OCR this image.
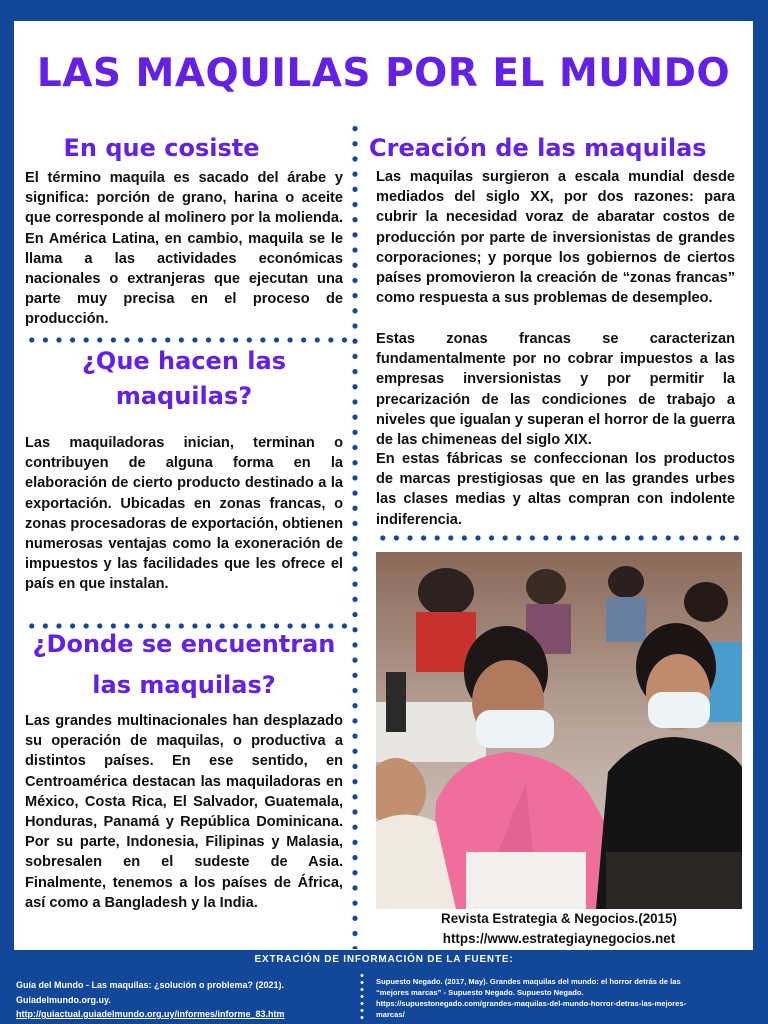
LAS MAQUILAS POR EL MUNDO
En que cosiste

El término maquila es sacado del árabe y significa: porción de grano, harina o aceite que corresponde al molinero por la molienda. En América Latina, en cambio, maquila se le llama a las actividades económicas nacionales o extranjeras que ejecutan una parte muy precisa en el proceso de producción.

¿Que hacen las
maquilas?

Las maquiladoras inician, terminan o contribuyen de alguna forma en la elaboración de cierto producto destinado a la exportación. Ubicadas en zonas francas, o zonas procesadoras de exportación, obtienen numerosas ventajas como la exoneración de impuestos y las facilidades que les ofrece el país en que instalan.

¿Donde se encuentran
las maquilas?

Las grandes multinacionales han desplazado su operación de maquilas, o productiva a distintos países. En ese sentido, en Centroamérica destacan las maquiladoras en México, Costa Rica, El Salvador, Guatemala, Honduras, Panamá y República Dominicana. Por su parte, Indonesia, Filipinas y Malasia, sobresalen en el sudeste de Asia. Finalmente, tenemos a los países de África, así como a Bangladesh y la India.

Creación de las maquilas

Las maquilas surgieron a escala mundial desde mediados del siglo XX, por dos razones: para cubrir la necesidad voraz de abaratar costos de producción por parte de inversionistas de grandes corporaciones; y porque los gobiernos de ciertos países promovieron la creación de “zonas francas” como respuesta a sus problemas de desempleo.

Estas zonas francas se caracterizan fundamentalmente por no cobrar impuestos a las empresas inversionistas y por permitir la precarización de las condiciones de trabajo a niveles que igualan y superan el horror de la guerra de las chimeneas del siglo XIX.

En estas fábricas se confeccionan los productos de marcas prestigiosas que en las grandes urbes las clases medias y altas compran con indolente indiferencia.

Revista Estrategia & Negocios.(2015)
https://www.estrategiaynegocios.net
EXTRACIÓN DE INFORMACIÓN DE LA FUENTE:
Guía del Mundo - Las maquilas: ¿solución o problema? (2021).
Guiadelmundo.org.uy.
http://guiactual.guiadelmundo.org.uy/informes/informe_83.htm
Supuesto Negado. (2017, May). Grandes maquilas del mundo: el horror detrás de las
“mejores marcas” - Supuesto Negado. Supuesto Negado.
https://supuestonegado.com/grandes-maquilas-del-mundo-horror-detras-las-mejores-
marcas/
